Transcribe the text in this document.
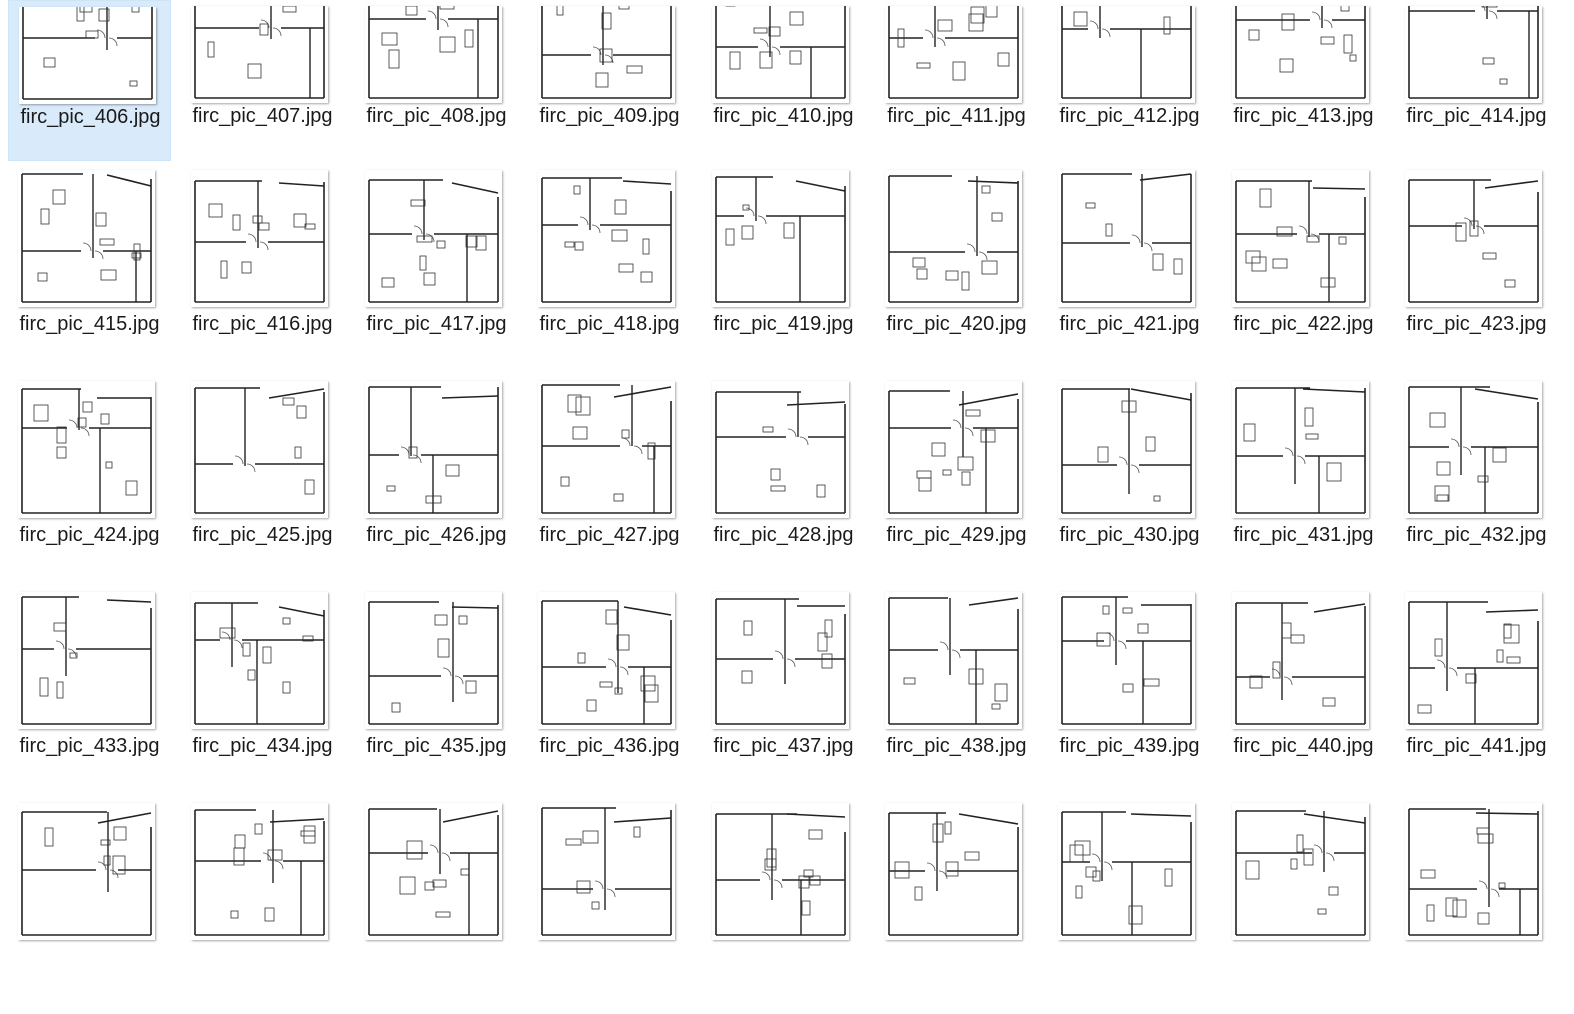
firc_pic_406.jpg	firc_pic_407.jpg	firc_pic_408.jpg	firc_pic_409.jpg	firc_pic_410.jpg	firc_pic_411.jpg	firc_pic_412.jpg	firc_pic_413.jpg	firc_pic_414.jpg
firc_pic_415.jpg	firc_pic_416.jpg	firc_pic_417.jpg	firc_pic_418.jpg	firc_pic_419.jpg	firc_pic_420.jpg	firc_pic_421.jpg	firc_pic_422.jpg	firc_pic_423.jpg
firc_pic_424.jpg	firc_pic_425.jpg	firc_pic_426.jpg	firc_pic_427.jpg	firc_pic_428.jpg	firc_pic_429.jpg	firc_pic_430.jpg	firc_pic_431.jpg	firc_pic_432.jpg
firc_pic_433.jpg	firc_pic_434.jpg	firc_pic_435.jpg	firc_pic_436.jpg	firc_pic_437.jpg	firc_pic_438.jpg	firc_pic_439.jpg	firc_pic_440.jpg	firc_pic_441.jpg
